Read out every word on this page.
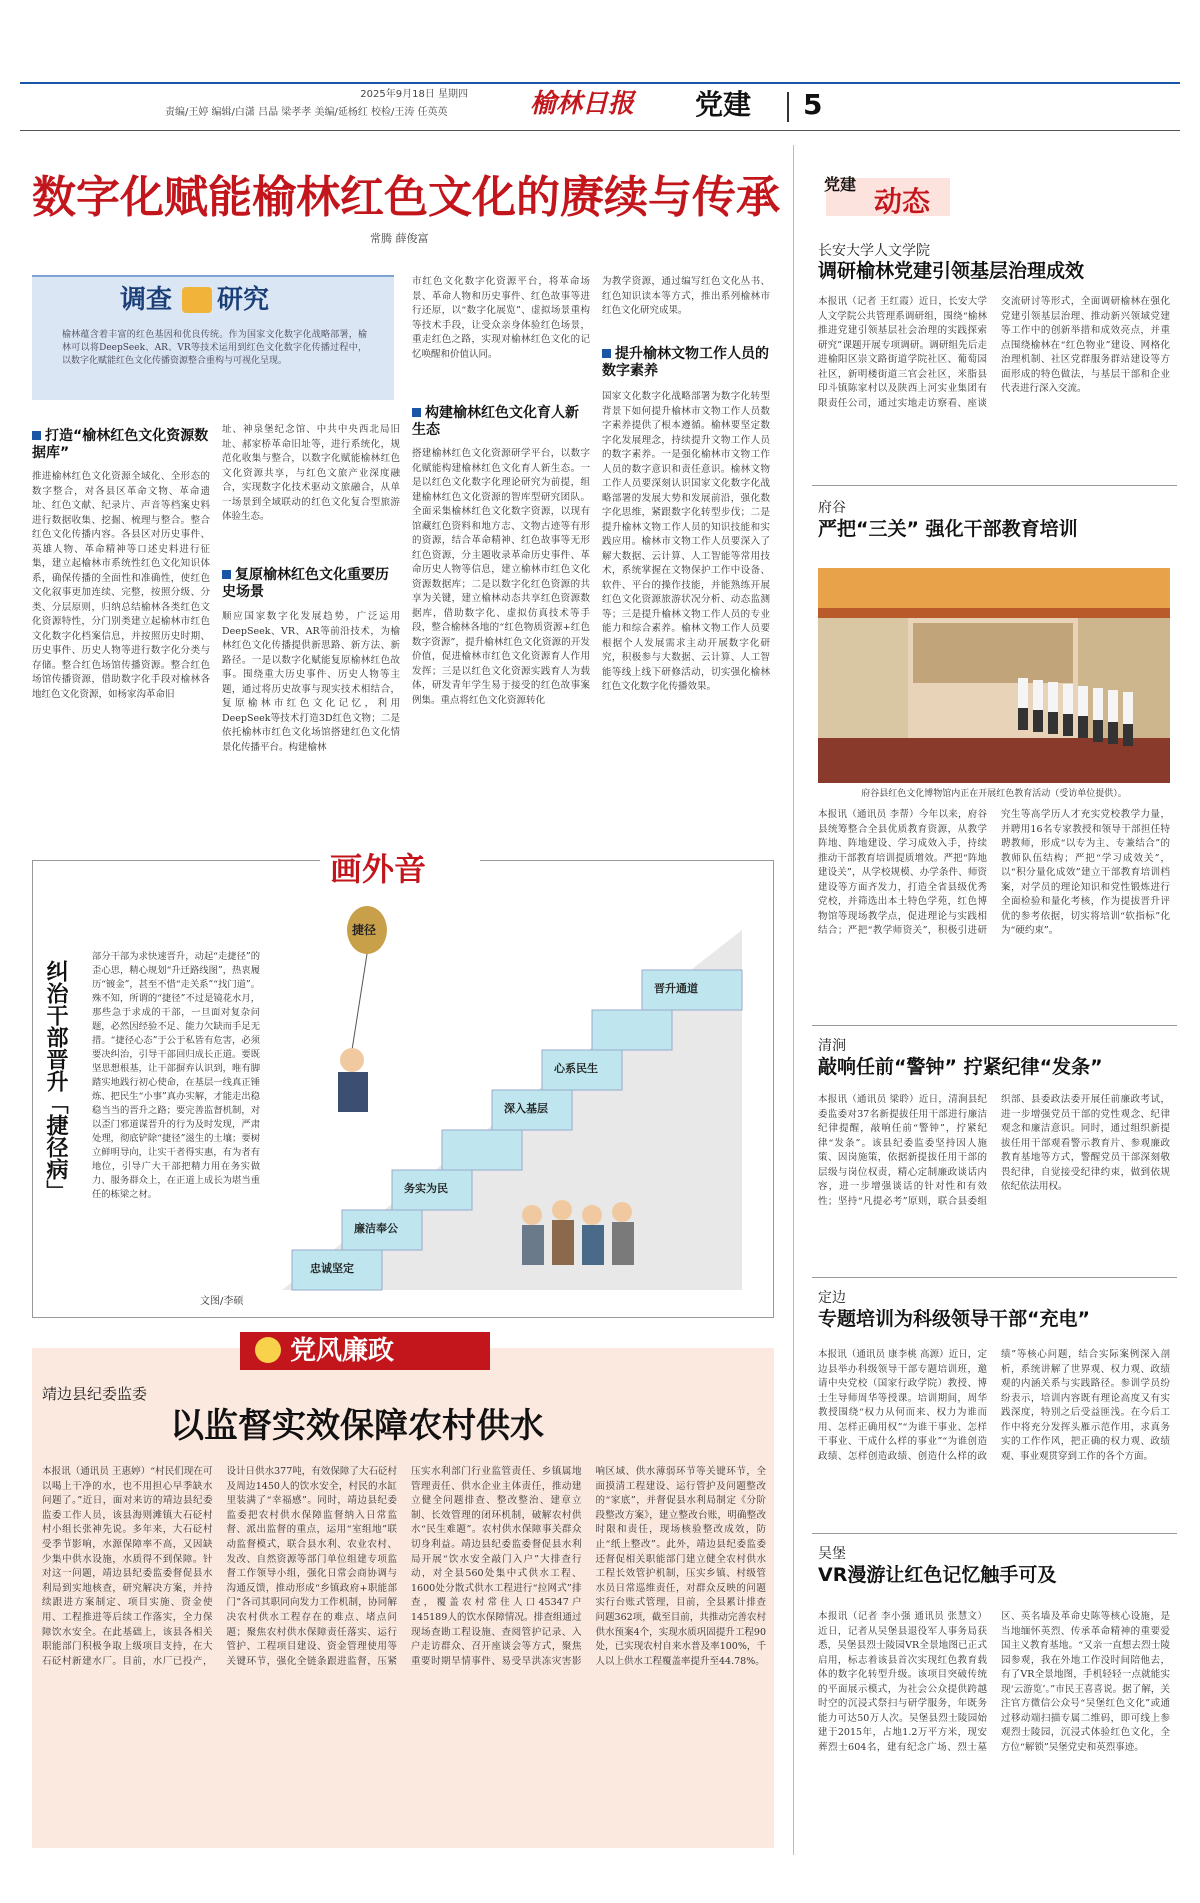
2025年9月18日 星期四
责编/王婷 编辑/白潇 吕晶 梁孝孝 美编/延杨红 校检/王涛 任英英	榆林日报 党建 5
数字化赋能榆林红色文化的赓续与传承
常腾 薛俊富
调查 研究
榆林蕴含着丰富的红色基因和优良传统。作为国家文化数字化战略部署，榆林可以将DeepSeek、AR、VR等技术运用到红色文化数字化传播过程中，以数字化赋能红色文化传播资源整合重构与可视化呈现。
打造“榆林红色文化资源数据库”
推进榆林红色文化资源全域化、全形态的数字整合，对各县区革命文物、革命遗址、红色文献、纪录片、声音等档案史料进行数据收集、挖掘、梳理与整合。整合红色文化传播内容。各县区对历史事件、英雄人物、革命精神等口述史料进行征集，建立起榆林市系统性红色文化知识体系，确保传播的全面性和准确性，使红色文化叙事更加连续、完整，按照分级、分类、分层原则，归纳总结榆林各类红色文化资源特性，分门别类建立起榆林市红色文化数字化档案信息，并按照历史时期、历史事件、历史人物等进行数字化分类与存储。整合红色场馆传播资源。整合红色场馆传播资源，借助数字化手段对榆林各地红色文化资源，如杨家沟革命旧
址、神泉堡纪念馆、中共中央西北局旧址、郝家桥革命旧址等，进行系统化，规范化收集与整合，以数字化赋能榆林红色文化资源共享，与红色文旅产业深度融合，实现数字化技术驱动文旅融合，从单一场景到全域联动的红色文化复合型旅游体验生态。
复原榆林红色文化重要历史场景
顺应国家数字化发展趋势，广泛运用DeepSeek、VR、AR等前沿技术，为榆林红色文化传播提供新思路、新方法、新路径。一是以数字化赋能复原榆林红色故事。围绕重大历史事件、历史人物等主题，通过将历史故事与现实技术相结合，复原榆林市红色文化记忆，利用DeepSeek等技术打造3D红色文物；二是依托榆林市红色文化场馆搭建红色文化情景化传播平台。构建榆林
市红色文化数字化资源平台，将革命场景、革命人物和历史事件、红色故事等进行还原，以“数字化展览”、虚拟场景重构等技术手段，让受众亲身体验红色场景，重走红色之路，实现对榆林红色文化的记忆唤醒和价值认同。
构建榆林红色文化育人新生态
搭建榆林红色文化资源研学平台，以数字化赋能构建榆林红色文化育人新生态。一是以红色文化数字化理论研究为前提，组建榆林红色文化资源的智库型研究团队。全面采集榆林红色文化数字资源，以现有馆藏红色资料和地方志、文物古迹等有形的资源，结合革命精神、红色故事等无形红色资源，分主题收录革命历史事件、革命历史人物等信息，建立榆林市红色文化资源数据库；二是以数字化红色资源的共享为关键，建立榆林动态共享红色资源数据库，借助数字化、虚拟仿真技术等手段，整合榆林各地的“红色物质资源+红色数字资源”，提升榆林红色文化资源的开发价值，促进榆林市红色文化资源育人作用发挥；三是以红色文化资源实践育人为载体，研发青年学生易于接受的红色故事案例集。重点将红色文化资源转化
为教学资源，通过编写红色文化丛书、红色知识读本等方式，推出系列榆林市红色文化研究成果。
提升榆林文物工作人员的数字素养
国家文化数字化战略部署为数字化转型背景下如何提升榆林市文物工作人员数字素养提供了根本遵循。榆林要坚定数字化发展理念，持续提升文物工作人员的数字素养。一是强化榆林市文物工作人员的数字意识和责任意识。榆林文物工作人员要深刻认识国家文化数字化战略部署的发展大势和发展前沿，强化数字化思维，紧跟数字化转型步伐；二是提升榆林文物工作人员的知识技能和实践应用。榆林市文物工作人员要深入了解大数据、云计算、人工智能等常用技术，系统掌握在文物保护工作中设备、软件、平台的操作技能，并能熟练开展红色文化资源旅游状况分析、动态监测等；三是提升榆林文物工作人员的专业能力和综合素养。榆林文物工作人员要根据个人发展需求主动开展数字化研究，积极参与大数据、云计算、人工智能等线上线下研修活动，切实强化榆林红色文化数字化传播效果。
画外音
纠治干部晋升「捷径病」
部分干部为求快速晋升，动起“走捷径”的歪心思，精心规划“升迁路线图”，热衷履历“镀金”，甚至不惜“走关系”“找门道”。殊不知，所谓的“捷径”不过是镜花水月，那些急于求成的干部，一旦面对复杂问题，必然因经验不足、能力欠缺而手足无措。“捷径心态”于公于私皆有危害，必须要决纠治，引导干部回归成长正道。要既坚思想根基，让干部摒弃认识到，唯有脚踏实地践行初心使命，在基层一线真正锤炼、把民生“小事”真办实解，才能走出稳稳当当的晋升之路；要完善监督机制，对以歪门邪道谋晋升的行为及时发现，严肃处理，彻底铲除“捷径”滋生的土壤；要树立鲜明导向，让实干者得实惠，有为者有地位，引导广大干部把精力用在务实做力、服务群众上，在正道上成长为堪当重任的栋梁之材。
文图/李硕
忠诚坚定
廉洁奉公
务实为民
深入基层
心系民生
晋升通道
捷径
党风廉政
靖边县纪委监委
以监督实效保障农村供水
本报讯（通讯员 王惠婷）“村民们现在可以喝上干净的水，也不用担心早季缺水问题了。”近日，面对来访的靖边县纪委监委工作人员，该县海则滩镇大石砭村村小组长张神先说。多年来，大石砭村受季节影响，水源保障率不高，又因缺少集中供水设施，水质得不到保障。针对这一问题，靖边县纪委监委督促县水利局到实地核查，研究解决方案，并持续跟进方案制定、项目实施、资金使用、工程推进等后续工作落实，全力保障饮水安全。在此基础上，该县各相关职能部门积极争取上级项目支持，在大石砭村新建水厂。目前，水厂已投产，设计日供水377吨，有效保障了大石砭村及周边1450人的饮水安全，村民的水缸里装满了“幸福感”。同时，靖边县纪委监委把农村供水保障监督纳入日常监督、派出监督的重点，运用“室组地”联动监督模式，联合县水利、农业农村、发改、自然资源等部门单位组建专项监督工作领导小组，强化日常会商协调与沟通反馈，推动形成“乡镇政府+职能部门”各司其职同向发力工作机制，协同解决农村供水工程存在的难点、堵点问题；聚焦农村供水保障责任落实、运行管护、工程项目建设、资金管理使用等关键环节，强化全链条跟进监督，压紧压实水利部门行业监管责任、乡镇属地管理责任、供水企业主体责任，推动建立健全问题排查、整改整治、建章立制、长效管理的闭环机制，破解农村供水“民生难题”。农村供水保障事关群众切身利益。靖边县纪委监委督促县水利局开展“饮水安全敲门入户”大排查行动，对全县560处集中式供水工程、1600处分散式供水工程进行“拉网式”排查，覆盖农村常住人口45347户145189人的饮水保障情况。排查组通过现场查勘工程设施、查阅管护记录、入户走访群众、召开座谈会等方式，聚焦重要时期旱情事件、易受旱洪冻灾害影响区域、供水薄弱环节等关键环节，全面摸清工程建设、运行管护及问题整改的“家底”，并督促县水利局制定《分阶段整改方案》，建立整改台账，明确整改时限和责任，现场核验整改成效，防止“纸上整改”。此外，靖边县纪委监委还督促相关职能部门建立健全农村供水工程长效管护机制，压实乡镇、村级管水员日常巡维责任，对群众反映的问题实行台账式管理，目前，全县累计排查问题362项，截至目前，共推动完善农村供水预案4个，实现水质巩固提升工程90处，已实现农村自来水普及率100%，千人以上供水工程覆盖率提升至44.78%。
党建
动态
长安大学人文学院
调研榆林党建引领基层治理成效
本报讯（记者 王红霞）近日，长安大学人文学院公共管理系调研组，围绕“榆林推进党建引领基层社会治理的实践探索研究”课题开展专项调研。调研组先后走进榆阳区崇文路街道学院社区、葡萄园社区，新明楼街道三官会社区，米脂县印斗镇陈家村以及陕西上河实业集团有限责任公司，通过实地走访察看、座谈交流研讨等形式，全面调研榆林在强化党建引领基层治理、推动新兴领域党建等工作中的创新举措和成效亮点，并重点围绕榆林在“红色物业”建设、网格化治理机制、社区党群服务群站建设等方面形成的特色做法，与基层干部和企业代表进行深入交流。
府谷
严把“三关” 强化干部教育培训
府谷县红色文化博物馆内正在开展红色教育活动（受访单位提供）。
本报讯（通讯员 李帮）今年以来，府谷县统筹整合全县优质教育资源，从教学阵地、阵地建设、学习成效入手，持续推动干部教育培训提质增效。严把“阵地建设关”，从学校规模、办学条件、师资建设等方面齐发力，打造全省县级优秀党校，并筛选出本土特色学苑，红色博物馆等现场教学点，促进理论与实践相结合；严把“教学师资关”，积极引进研究生等高学历人才充实党校教学力量，并聘用16名专家教授和领导干部担任特聘教师，形成“以专为主、专兼结合”的教师队伍结构；严把“学习成效关”，以“积分量化成效”建立干部教育培训档案，对学员的理论知识和党性锻炼进行全面检验和量化考核，作为提拔晋升评优的参考依据，切实将培训“软指标”化为“硬约束”。
清涧
敲响任前“警钟” 拧紧纪律“发条”
本报讯（通讯员 梁聆）近日，清涧县纪委监委对37名新提拔任用干部进行廉洁纪律提醒，敲响任前“警钟”，拧紧纪律“发条”。该县纪委监委坚持因人施策、因岗施策，依据新提拔任用干部的层级与岗位权责，精心定制廉政谈话内容，进一步增强谈话的针对性和有效性；坚持“凡提必考”原则，联合县委组织部、县委政法委开展任前廉政考试，进一步增强党员干部的党性观念、纪律观念和廉洁意识。同时，通过组织新提拔任用干部观看警示教育片、参观廉政教育基地等方式，警醒党员干部深刻敬畏纪律，自觉接受纪律约束，做到依规依纪依法用权。
定边
专题培训为科级领导干部“充电”
本报讯（通讯员 康李桃 高源）近日，定边县举办科级领导干部专题培训班，邀请中央党校（国家行政学院）教授、博士生导师周华等授课。培训期间，周华教授围绕“权力从何而来、权力为谁而用、怎样正确用权”“为谁干事业、怎样干事业、干成什么样的事业”“为谁创造政绩、怎样创造政绩、创造什么样的政绩”等核心问题，结合实际案例深入剖析，系统讲解了世界观、权力观、政绩观的内涵关系与实践路径。参训学员纷纷表示，培训内容既有理论高度又有实践深度，特别之后受益匪浅。在今后工作中将充分发挥头雁示范作用，求真务实的工作作风，把正确的权力观、政绩观、事业观贯穿到工作的各个方面。
吴堡
VR漫游让红色记忆触手可及
本报讯（记者 李小强 通讯员 张慧文）近日，记者从吴堡县退役军人事务局获悉，吴堡县烈士陵园VR全景地图已正式启用，标志着该县首次实现红色教育载体的数字化转型升级。该项目突破传统的平面展示模式，为社会公众提供跨越时空的沉浸式祭扫与研学服务，年既务能力可达50万人次。吴堡县烈士陵园始建于2015年，占地1.2万平方米，现安葬烈士604名，建有纪念广场、烈士墓区、英名墙及革命史陈等核心设施，是当地缅怀英烈、传承革命精神的重要爱国主义教育基地。“又亲一直想去烈士陵园参观，我在外地工作没时间陪他去，有了VR全景地图，手机轻轻一点就能实现‘云游览’。”市民王喜喜说。据了解，关注官方微信公众号“吴堡红色文化”或通过移动端扫描专属二维码，即可线上参观烈士陵园，沉浸式体验红色文化，全方位“解锁”吴堡党史和英烈事迹。
